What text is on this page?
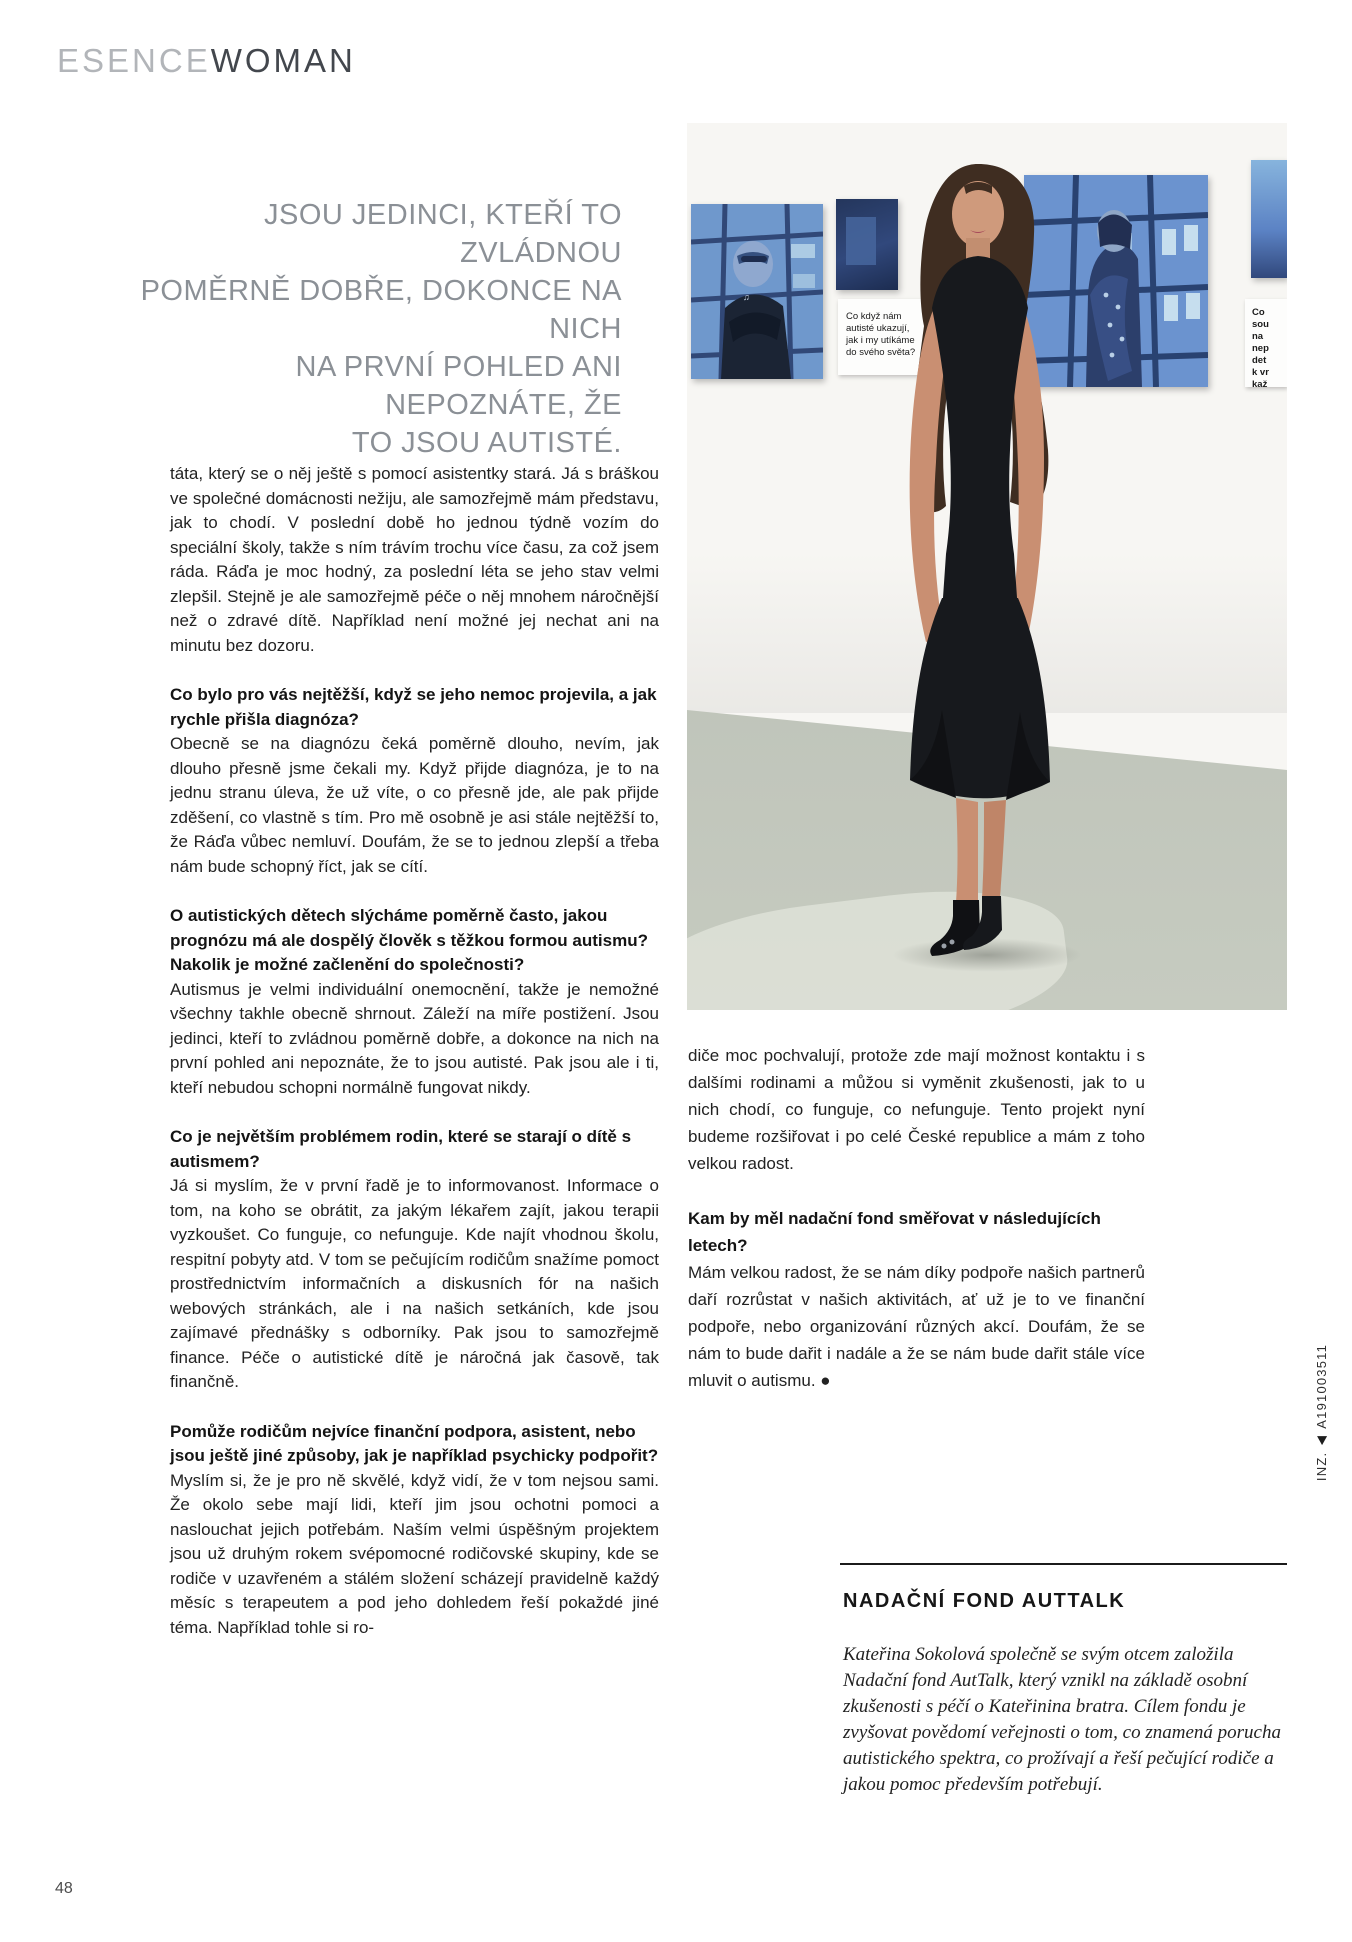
ESENCEWOMAN
JSOU JEDINCI, KTEŘÍ TO ZVLÁDNOU
POMĚRNĚ DOBŘE, DOKONCE NA NICH
NA PRVNÍ POHLED ANI NEPOZNÁTE, ŽE
TO JSOU AUTISTÉ.
♫
Co když nám
autisté ukazují,
jak i my utíkáme
do svého světa?
Co
sou
na
nep
det
k vr
kaž

táta, který se o něj ještě s pomocí asistentky stará. Já s bráškou ve společné domácnosti nežiju, ale samozřejmě mám představu, jak to chodí. V poslední době ho jednou týdně vozím do speciální školy, takže s ním trávím trochu více času, za což jsem ráda. Ráďa je moc hodný, za poslední léta se jeho stav velmi zlepšil. Stejně je ale samozřejmě péče o něj mnohem náročnější než o zdravé dítě. Například není možné jej nechat ani na minutu bez dozoru.

Co bylo pro vás nejtěžší, když se jeho nemoc projevila, a jak rychle přišla diagnóza?

Obecně se na diagnózu čeká poměrně dlouho, nevím, jak dlouho přesně jsme čekali my. Když přijde diagnóza, je to na jednu stranu úleva, že už víte, o co přesně jde, ale pak přijde zděšení, co vlastně s tím. Pro mě osobně je asi stále nejtěžší to, že Ráďa vůbec nemluví. Doufám, že se to jednou zlepší a třeba nám bude schopný říct, jak se cítí.

O autistických dětech slýcháme poměrně často, jakou prognózu má ale dospělý člověk s těžkou formou autismu? Nakolik je možné začlenění do společnosti?

Autismus je velmi individuální onemocnění, takže je nemožné všechny takhle obecně shrnout. Záleží na míře postižení. Jsou jedinci, kteří to zvládnou poměrně dobře, a dokonce na nich na první pohled ani nepoznáte, že to jsou autisté. Pak jsou ale i ti, kteří nebudou schopni normálně fungovat nikdy.

Co je největším problémem rodin, které se starají o dítě s autismem?

Já si myslím, že v první řadě je to informovanost. Informace o tom, na koho se obrátit, za jakým lékařem zajít, jakou terapii vyzkoušet. Co funguje, co nefunguje. Kde najít vhodnou školu, respitní pobyty atd. V tom se pečujícím rodičům snažíme pomoct prostřednictvím informačních a diskusních fór na našich webových stránkách, ale i na našich setkáních, kde jsou zajímavé přednášky s odborníky. Pak jsou to samozřejmě finance. Péče o autistické dítě je náročná jak časově, tak finančně.

Pomůže rodičům nejvíce finanční podpora, asistent, nebo jsou ještě jiné způsoby, jak je například psychicky podpořit?

Myslím si, že je pro ně skvělé, když vidí, že v tom nejsou sami. Že okolo sebe mají lidi, kteří jim jsou ochotni pomoci a naslouchat jejich potřebám. Naším velmi úspěšným projektem jsou už druhým rokem svépomocné rodičovské skupiny, kde se rodiče v uzavřeném a stálém složení scházejí pravidelně každý měsíc s terapeutem a pod jeho dohledem řeší pokaždé jiné téma. Například tohle si ro-

diče moc pochvalují, protože zde mají možnost kontaktu i s dalšími rodinami a můžou si vyměnit zkušenosti, jak to u nich chodí, co funguje, co nefunguje. Tento projekt nyní budeme rozšiřovat i po celé České republice a mám z toho velkou radost.

Kam by měl nadační fond směřovat v následujících letech?

Mám velkou radost, že se nám díky podpoře našich partnerů daří rozrůstat v našich aktivitách, ať už je to ve finanční podpoře, nebo organizování různých akcí. Doufám, že se nám to bude dařit i nadále a že se nám bude dařit stále více mluvit o autismu. ●

NADAČNÍ FOND AUTTALK
Kateřina Sokolová společně se svým otcem založila Nadační fond AutTalk, který vznikl na základě osobní zkušenosti s péčí o Kateřinina bratra. Cílem fondu je zvyšovat povědomí veřejnosti o tom, co znamená porucha autistického spektra, co prožívají a řeší pečující rodiče a jakou pomoc především potřebují.
INZ.
A191003511
48
